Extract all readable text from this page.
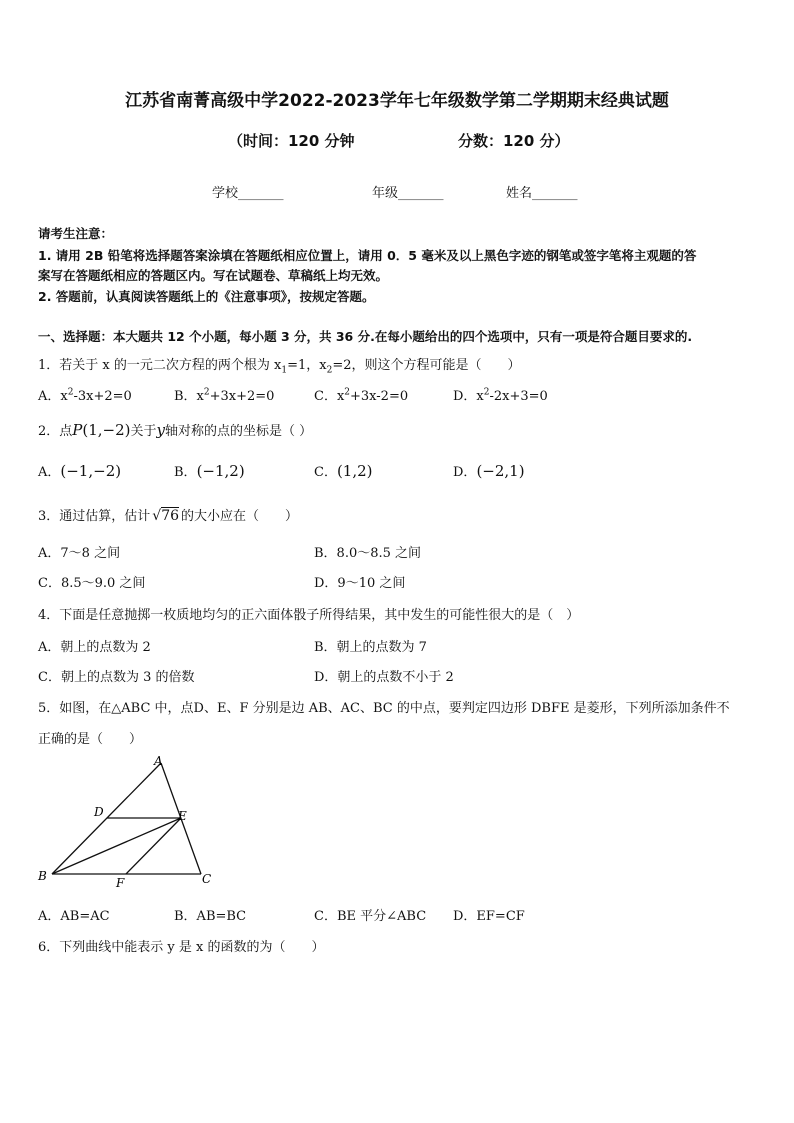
江苏省南菁高级中学2022-2023学年七年级数学第二学期期末经典试题
（时间：120 分钟	分数：120 分）
学校_______	年级_______	姓名_______
请考生注意：
1. 请用 2B 铅笔将选择题答案涂填在答题纸相应位置上，请用 0．5 毫米及以上黑色字迹的钢笔或签字笔将主观题的答
案写在答题纸相应的答题区内。写在试题卷、草稿纸上均无效。
2. 答题前，认真阅读答题纸上的《注意事项》，按规定答题。
一、选择题：本大题共 12 个小题，每小题 3 分，共 36 分.在每小题给出的四个选项中，只有一项是符合题目要求的.
1．若关于 x 的一元二次方程的两个根为 $x_1=1$，$x_2=2$，则这个方程可能是（　　）
A．$x^2-3x+2=0$	B．$x^2+3x+2=0$	C．$x^2+3x-2=0$	D．$x^2-2x+3=0$
2．点P(1,−2)关于y轴对称的点的坐标是（ ）
A．(−1,−2)	B．(−1,2)	C．(1,2)	D．(−2,1)
3．通过估算，估计 √76 的大小应在（　　）
A．7～8 之间	B．8.0～8.5 之间
C．8.5～9.0 之间	D．9～10 之间
4．下面是任意抛掷一枚质地均匀的正六面体骰子所得结果，其中发生的可能性很大的是（　）
A．朝上的点数为 2	B．朝上的点数为 7
C．朝上的点数为 3 的倍数	D．朝上的点数不小于 2
5．如图，在△ABC 中，点D、E、F 分别是边 AB、AC、BC 的中点，要判定四边形 DBFE 是菱形，下列所添加条件不
正确的是（　　）
A
D	E
B	F	C
A．AB=AC	B．AB=BC	C．BE 平分∠ABC D．EF=CF
6．下列曲线中能表示 y 是 x 的函数的为（　　）
